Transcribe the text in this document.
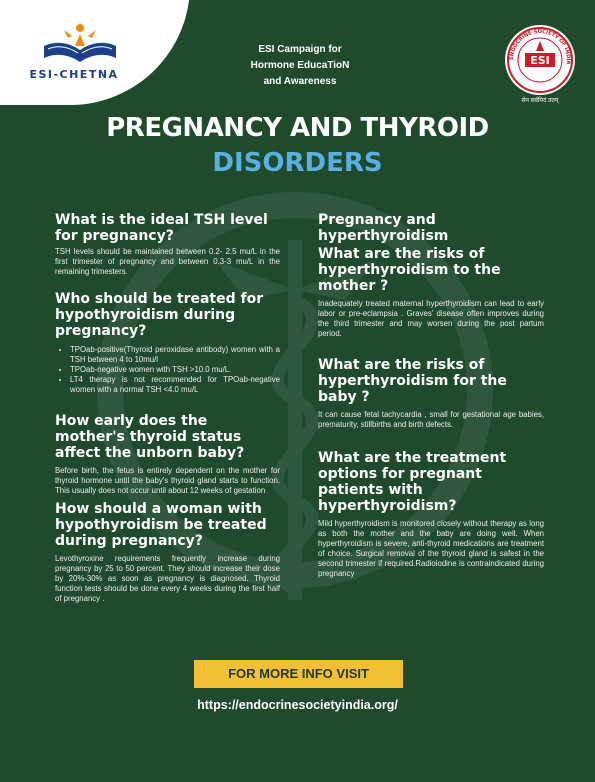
ESI-CHETNA
ESI Campaign for
Hormone EducaTioN
and Awareness
ENDOCRINE SOCIETY OF INDIA
ESI
सेन सर्वमिदं ततम्
PREGNANCY AND THYROID
DISORDERS
What is the ideal TSH level for pregnancy?

TSH levels should be maintained between 0.2- 2.5 mu/L in the first trimester of pregnancy and between 0.3-3 mu/L in the remaining trimesters.

Who should be treated for hypothyroidism during pregnancy?
• TPOab-positive(Thyroid peroxidase antibody) women with a TSH between 4 to 10mu/l
• TPOab-negative women with TSH >10.0 mu/L.
• LT4 therapy is not recommended for TPOab-negative women with a normal TSH <4.0 mu/L
How early does the mother's thyroid status affect the unborn baby?

Before birth, the fetus is entirely dependent on the mother for thyroid hormone until the baby's thyroid gland starts to function. This usually does not occur until about 12 weeks of gestation

How should a woman with hypothyroidism be treated during pregnancy?

Levothyroxine requirements frequently increase during pregnancy by 25 to 50 percent. They should increase their dose by 20%-30% as soon as pregnancy is diagnosed. Thyroid function tests should be done every 4 weeks during the first half of pregnancy .

Pregnancy and hyperthyroidism
What are the risks of hyperthyroidism to the mother ?

Inadequately treated maternal hyperthyroidism can lead to early labor or pre-eclampsia . Graves' disease often improves during the third trimester and may worsen during the post partum period.

What are the risks of hyperthyroidism for the baby ?

It can cause fetal tachycardia , small for gestational age babies, prematurity, stillbirths and birth defects.

What are the treatment options for pregnant patients with hyperthyroidism?

Mild hyperthyroidism is monitored closely without therapy as long as both the mother and the baby are doing well. When hyperthyroidism is severe, anti-thyroid medications are treatment of choice. Surgical removal of the thyroid gland is safest in the second trimester if required.Radioiodine is contraindicated during pregnancy

FOR MORE INFO VISIT
https://endocrinesocietyindia.org/
